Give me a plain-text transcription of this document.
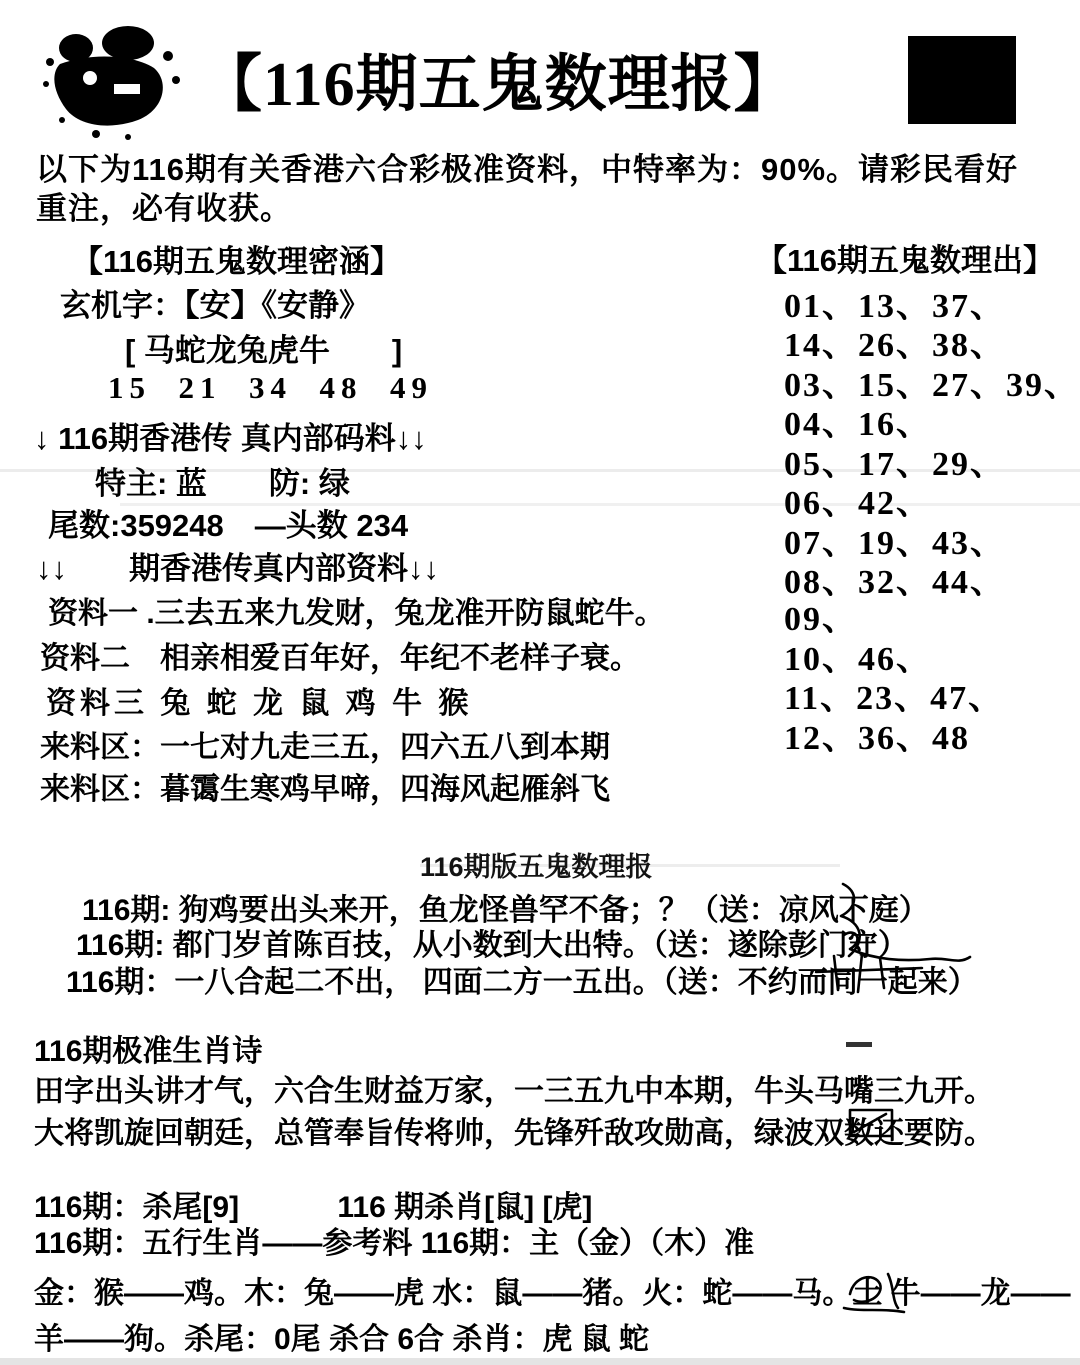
【116期五鬼数理报】
以下为116期有关香港六合彩极准资料，中特率为：90%。请彩民看好重注，必有收获。
【116期五鬼数理密涵】
玄机字：【安】《安静》
[ 马蛇龙兔虎牛　　]
15  21  34  48  49
↓ 116期香港传 真内部码料↓↓
特主: 蓝　　防: 绿
尾数:359248　—头数 234
↓↓　　期香港传真内部资料↓↓
资料一 .三去五来九发财，兔龙准开防鼠蛇牛。
资料二　相亲相爱百年好，年纪不老样子衰。
资料三 兔 蛇 龙 鼠 鸡 牛 猴
来料区：一七对九走三五，四六五八到本期
来料区：暮霭生寒鸡早啼，四海风起雁斜飞
【116期五鬼数理出】
01、13、37、
14、26、38、
03、15、27、39、
04、16、
05、17、29、
06、42、
07、19、43、
08、32、44、
09、
10、46、
11、23、47、
12、36、48
116期版五鬼数理报
116期: 狗鸡要出头来开，鱼龙怪兽罕不备；？（送：凉风下庭）
116期: 都门岁首陈百技，从小数到大出特。（送：遂除彭门守）
116期：一八合起二不出， 四面二方一五出。（送：不约而同一起来）
116期极准生肖诗
田字出头讲才气，六合生财益万家，一三五九中本期，牛头马嘴三九开。
大将凯旋回朝廷，总管奉旨传将帅，先锋歼敌攻勋高，绿波双数还要防。
116期：杀尾[9]　　　 116 期杀肖[鼠] [虎]
116期：五行生肖——参考料 116期：主（金）（木）准
金：猴——鸡。木：兔——虎 水：鼠——猪。火：蛇——马。土 牛——龙——
羊——狗。杀尾：0尾 杀合 6合 杀肖：虎 鼠 蛇
